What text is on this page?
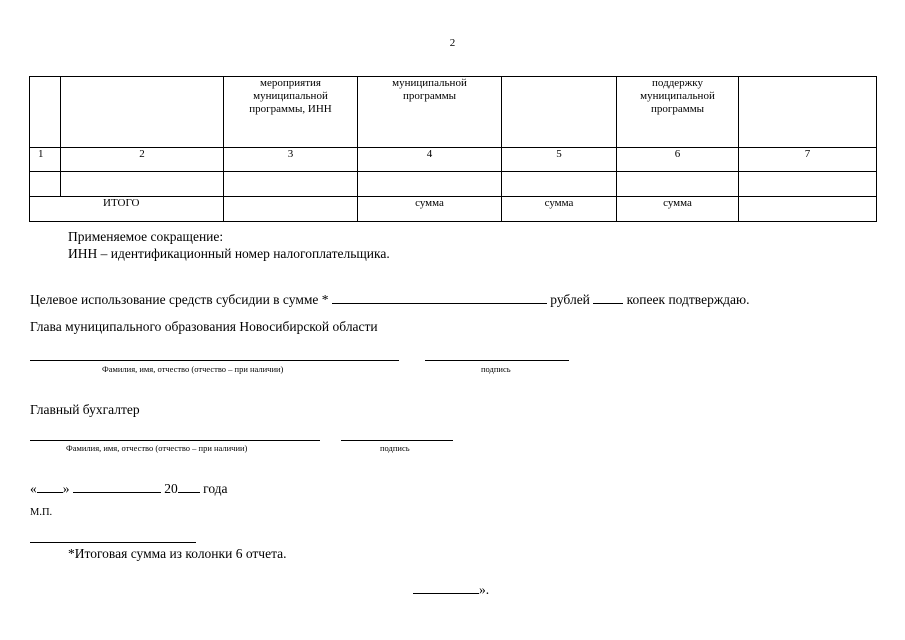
2
		мероприятия муниципальной программы, ИНН	муниципальной программы		поддержку муниципальной программы	
1	2	3	4	5	6	7

ИТОГО			сумма	сумма	сумма	
Применяемое сокращение:
ИНН – идентификационный номер налогоплательщика.
Целевое использование средств субсидии в сумме *	рублей	копеек подтверждаю.
Глава муниципального образования Новосибирской области
Фамилия, имя, отчество (отчество – при наличии)	подпись
Главный бухгалтер
Фамилия, имя, отчество (отчество – при наличии)	подпись
« »	20 года
М.П.
*Итоговая сумма из колонки 6 отчета.
».
